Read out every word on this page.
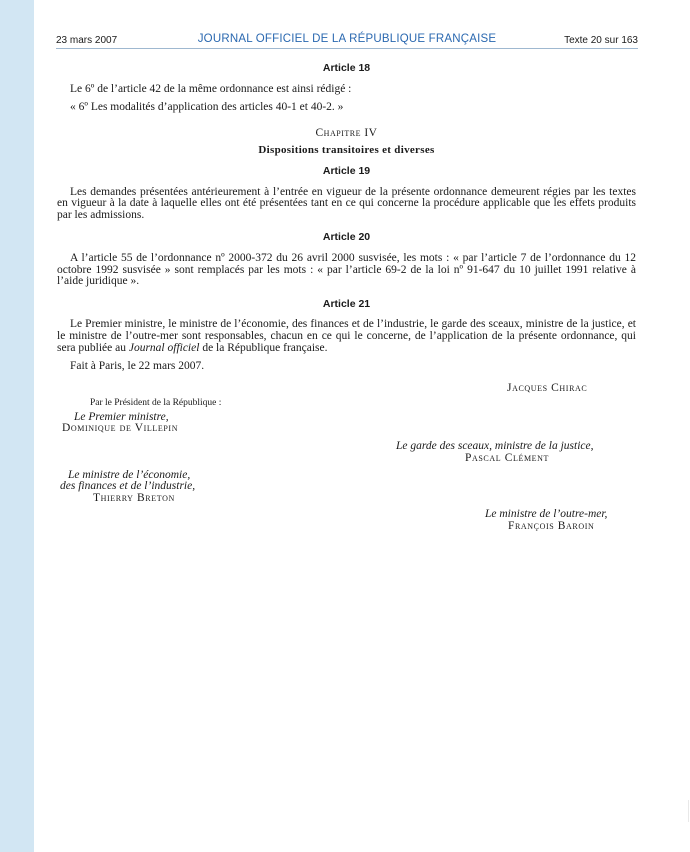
23 mars 2007	JOURNAL OFFICIEL DE LA RÉPUBLIQUE FRANÇAISE	Texte 20 sur 163

Article 18

Le 6º de l’article 42 de la même ordonnance est ainsi rédigé :

« 6º Les modalités d’application des articles 40-1 et 40-2. »

Chapitre IV

Dispositions transitoires et diverses

Article 19

Les demandes présentées antérieurement à l’entrée en vigueur de la présente ordonnance demeurent régies par les textes en vigueur à la date à laquelle elles ont été présentées tant en ce qui concerne la procédure applicable que les effets produits par les admissions.

Article 20

A l’article 55 de l’ordonnance nº 2000-372 du 26 avril 2000 susvisée, les mots : « par l’article 7 de l’ordonnance du 12 octobre 1992 susvisée » sont remplacés par les mots : « par l’article 69-2 de la loi nº 91-647 du 10 juillet 1991 relative à l’aide juridique ».

Article 21

Le Premier ministre, le ministre de l’économie, des finances et de l’industrie, le garde des sceaux, ministre de la justice, et le ministre de l’outre-mer sont responsables, chacun en ce qui le concerne, de l’application de la présente ordonnance, qui sera publiée au Journal officiel de la République française.

Fait à Paris, le 22 mars 2007.

Jacques Chirac
Par le Président de la République :
Le Premier ministre,
Dominique de Villepin
Le garde des sceaux, ministre de la justice,
Pascal Clément
Le ministre de l’économie,
des finances et de l’industrie,
Thierry Breton
Le ministre de l’outre-mer,
François Baroin
